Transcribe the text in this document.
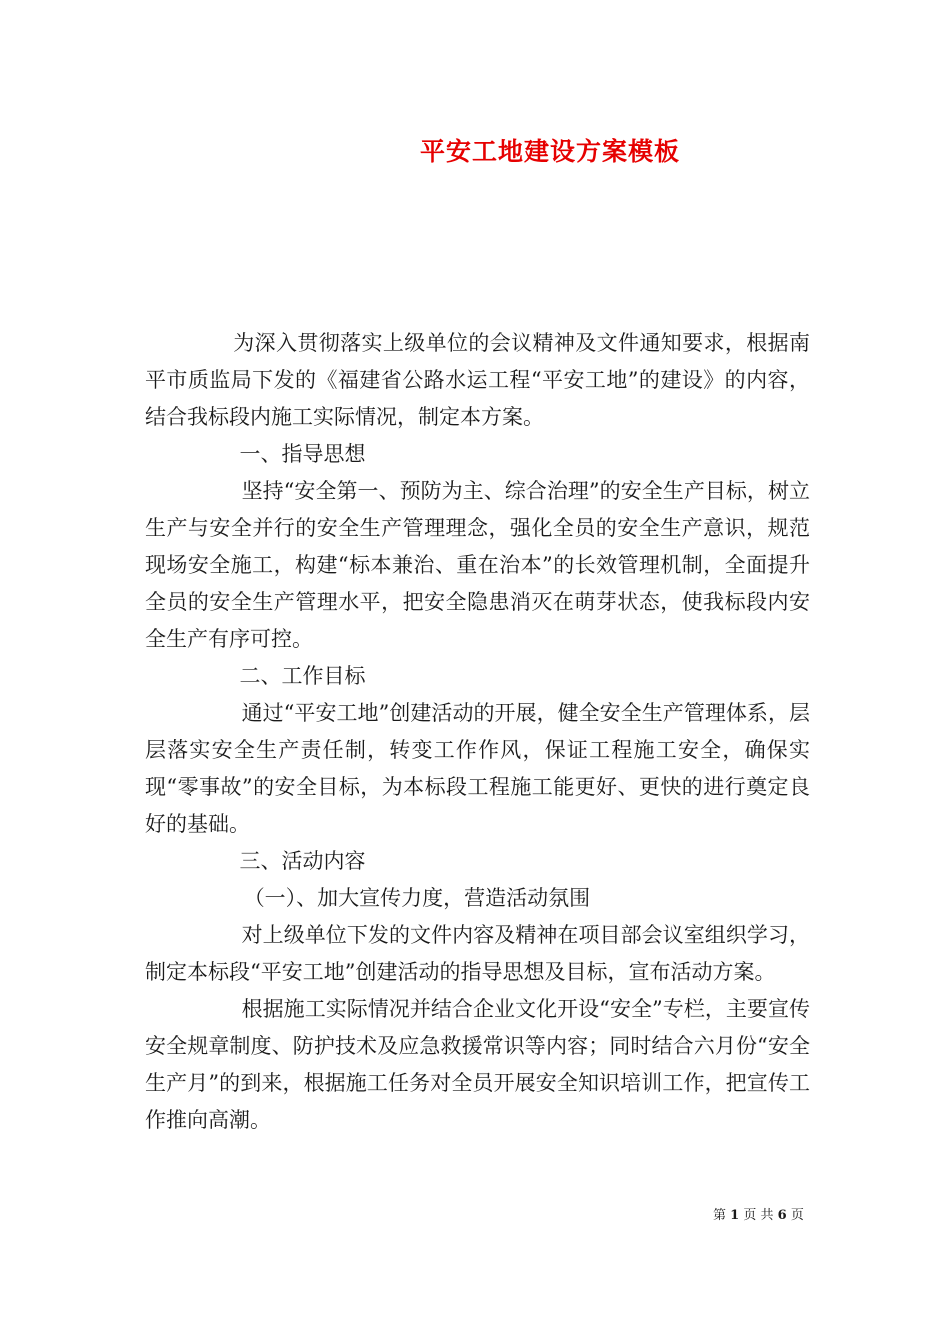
平安工地建设方案模板

为深入贯彻落实上级单位的会议精神及文件通知要求，根据南平市质监局下发的《福建省公路水运工程“平安工地”的建设》的内容，结合我标段内施工实际情况，制定本方案。

一、指导思想

坚持“安全第一、预防为主、综合治理”的安全生产目标，树立生产与安全并行的安全生产管理理念，强化全员的安全生产意识，规范现场安全施工，构建“标本兼治、重在治本”的长效管理机制，全面提升全员的安全生产管理水平，把安全隐患消灭在萌芽状态，使我标段内安全生产有序可控。

二、工作目标

通过“平安工地”创建活动的开展，健全安全生产管理体系，层层落实安全生产责任制，转变工作作风，保证工程施工安全，确保实现“零事故”的安全目标，为本标段工程施工能更好、更快的进行奠定良好的基础。

三、活动内容

（一）、加大宣传力度，营造活动氛围

对上级单位下发的文件内容及精神在项目部会议室组织学习，制定本标段“平安工地”创建活动的指导思想及目标，宣布活动方案。

根据施工实际情况并结合企业文化开设“安全”专栏，主要宣传安全规章制度、防护技术及应急救援常识等内容；同时结合六月份“安全生产月”的到来，根据施工任务对全员开展安全知识培训工作，把宣传工作推向高潮。

第 1 页 共 6 页
